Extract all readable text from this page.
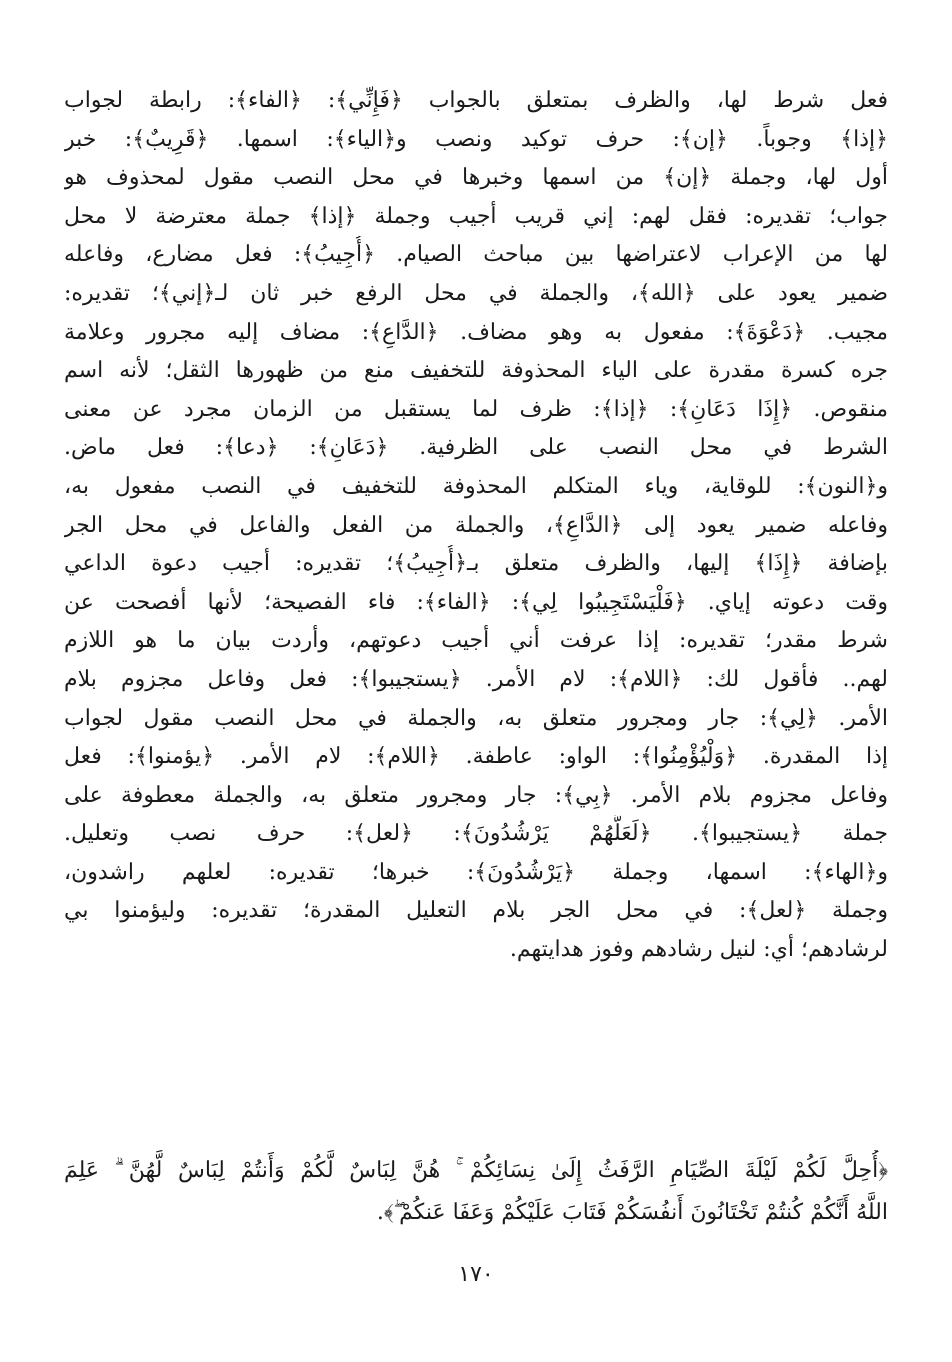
فعل شرط لها، والظرف بمتعلق بالجواب ﴿فَإِنِّي﴾: ﴿الفاء﴾: رابطة لجواب
﴿إذا﴾ وجوباً. ﴿إن﴾: حرف توكيد ونصب و﴿الياء﴾: اسمها. ﴿قَرِيبٌ﴾: خبر
أول لها، وجملة ﴿إن﴾ من اسمها وخبرها في محل النصب مقول لمحذوف هو
جواب؛ تقديره: فقل لهم: إني قريب أجيب وجملة ﴿إذا﴾ جملة معترضة لا محل
لها من الإعراب لاعتراضها بين مباحث الصيام. ﴿أُجِيبُ﴾: فعل مضارع، وفاعله
ضمير يعود على ﴿الله﴾، والجملة في محل الرفع خبر ثان لـ﴿إني﴾؛ تقديره:
مجيب. ﴿دَعْوَةَ﴾: مفعول به وهو مضاف. ﴿الدَّاعِ﴾: مضاف إليه مجرور وعلامة
جره كسرة مقدرة على الياء المحذوفة للتخفيف منع من ظهورها الثقل؛ لأنه اسم
منقوص. ﴿إِذَا دَعَانِ﴾: ﴿إذا﴾: ظرف لما يستقبل من الزمان مجرد عن معنى
الشرط في محل النصب على الظرفية. ﴿دَعَانِ﴾: ﴿دعا﴾: فعل ماض.
و﴿النون﴾: للوقاية، وياء المتكلم المحذوفة للتخفيف في النصب مفعول به،
وفاعله ضمير يعود إلى ﴿الدَّاعِ﴾، والجملة من الفعل والفاعل في محل الجر
بإضافة ﴿إِذَا﴾ إليها، والظرف متعلق بـ﴿أُجِيبُ﴾؛ تقديره: أجيب دعوة الداعي
وقت دعوته إياي. ﴿فَلْيَسْتَجِيبُوا لِي﴾: ﴿الفاء﴾: فاء الفصيحة؛ لأنها أفصحت عن
شرط مقدر؛ تقديره: إذا عرفت أني أجيب دعوتهم، وأردت بيان ما هو اللازم
لهم.. فأقول لك: ﴿اللام﴾: لام الأمر. ﴿يستجيبوا﴾: فعل وفاعل مجزوم بلام
الأمر. ﴿لِي﴾: جار ومجرور متعلق به، والجملة في محل النصب مقول لجواب
إذا المقدرة. ﴿وَلْيُؤْمِنُوا﴾: الواو: عاطفة. ﴿اللام﴾: لام الأمر. ﴿يؤمنوا﴾: فعل
وفاعل مجزوم بلام الأمر. ﴿بِي﴾: جار ومجرور متعلق به، والجملة معطوفة على
جملة ﴿يستجيبوا﴾. ﴿لَعَلَّهُمْ يَرْشُدُونَ﴾: ﴿لعل﴾: حرف نصب وتعليل.
و﴿الهاء﴾: اسمها، وجملة ﴿يَرْشُدُونَ﴾: خبرها؛ تقديره: لعلهم راشدون،
وجملة ﴿لعل﴾: في محل الجر بلام التعليل المقدرة؛ تقديره: وليؤمنوا بي
لرشادهم؛ أي: لنيل رشادهم وفوز هدايتهم.
﴿أُحِلَّ لَكُمْ لَيْلَةَ الصِّيَامِ الرَّفَثُ إِلَىٰ نِسَائِكُمْ ۚ هُنَّ لِبَاسٌ لَّكُمْ وَأَنتُمْ لِبَاسٌ لَّهُنَّ ۗ عَلِمَ
اللَّهُ أَنَّكُمْ كُنتُمْ تَخْتَانُونَ أَنفُسَكُمْ فَتَابَ عَلَيْكُمْ وَعَفَا عَنكُمْ ۖ﴾.
١٧٠
